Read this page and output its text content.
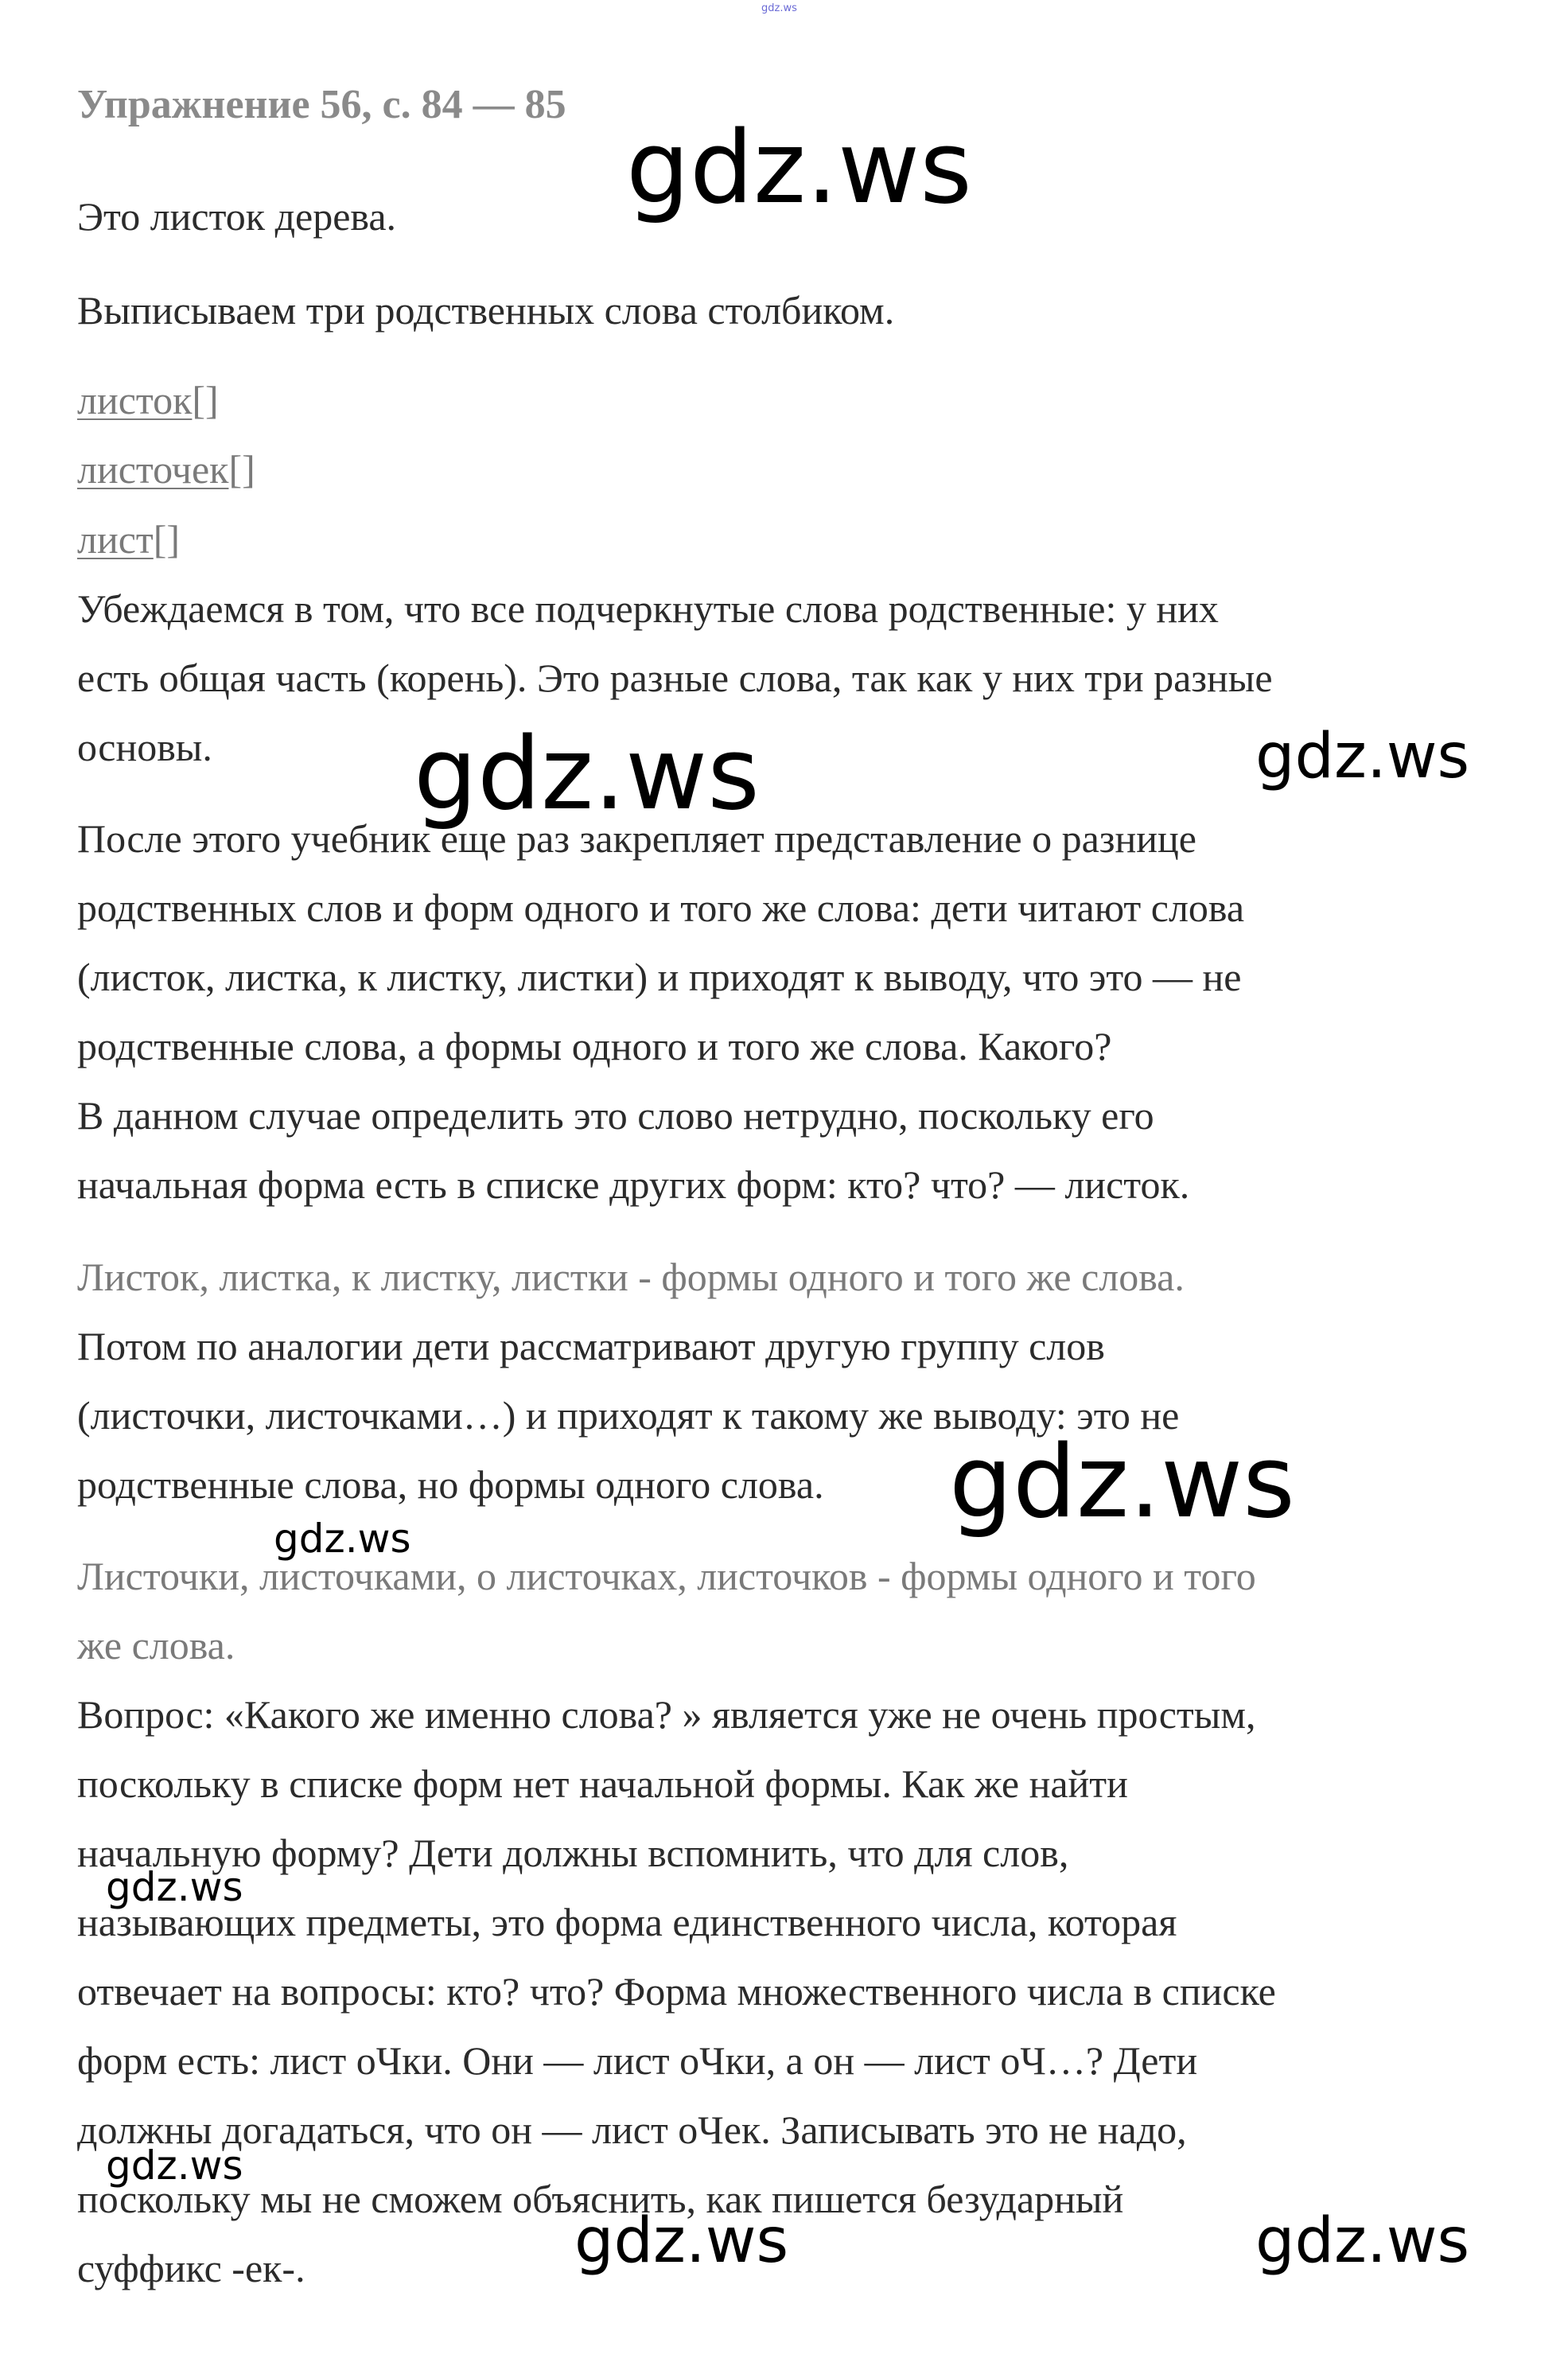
gdz.ws
Упражнение 56, с. 84 — 85
Это листок дерева.
Выписываем три родственных слова столбиком.
листок[]
листочек[]
лист[]
Убеждаемся в том, что все подчеркнутые слова родственные: у них
есть общая часть (корень). Это разные слова, так как у них три разные
основы.
После этого учебник еще раз закрепляет представление о разнице
родственных слов и форм одного и того же слова: дети читают слова
(листок, листка, к листку, листки) и приходят к выводу, что это — не
родственные слова, а формы одного и того же слова. Какого?
В данном случае определить это слово нетрудно, поскольку его
начальная форма есть в списке других форм: кто? что? — листок.
Листок, листка, к листку, листки - формы одного и того же слова.
Потом по аналогии дети рассматривают другую группу слов
(листочки, листочками…) и приходят к такому же выводу: это не
родственные слова, но формы одного слова.
Листочки, листочками, о листочках, листочков - формы одного и того
же слова.
Вопрос: «Какого же именно слова? » является уже не очень простым,
поскольку в списке форм нет начальной формы. Как же найти
начальную форму? Дети должны вспомнить, что для слов,
называющих предметы, это форма единственного числа, которая
отвечает на вопросы: кто? что? Форма множественного числа в списке
форм есть: лист оЧки. Они — лист оЧки, а он — лист оЧ…? Дети
должны догадаться, что он — лист оЧек. Записывать это не надо,
поскольку мы не сможем объяснить, как пишется безударный
суффикс -ек-.
gdz.ws
gdz.ws	gdz.ws
gdz.ws
gdz.ws
gdz.ws
gdz.ws
gdz.ws	gdz.ws
